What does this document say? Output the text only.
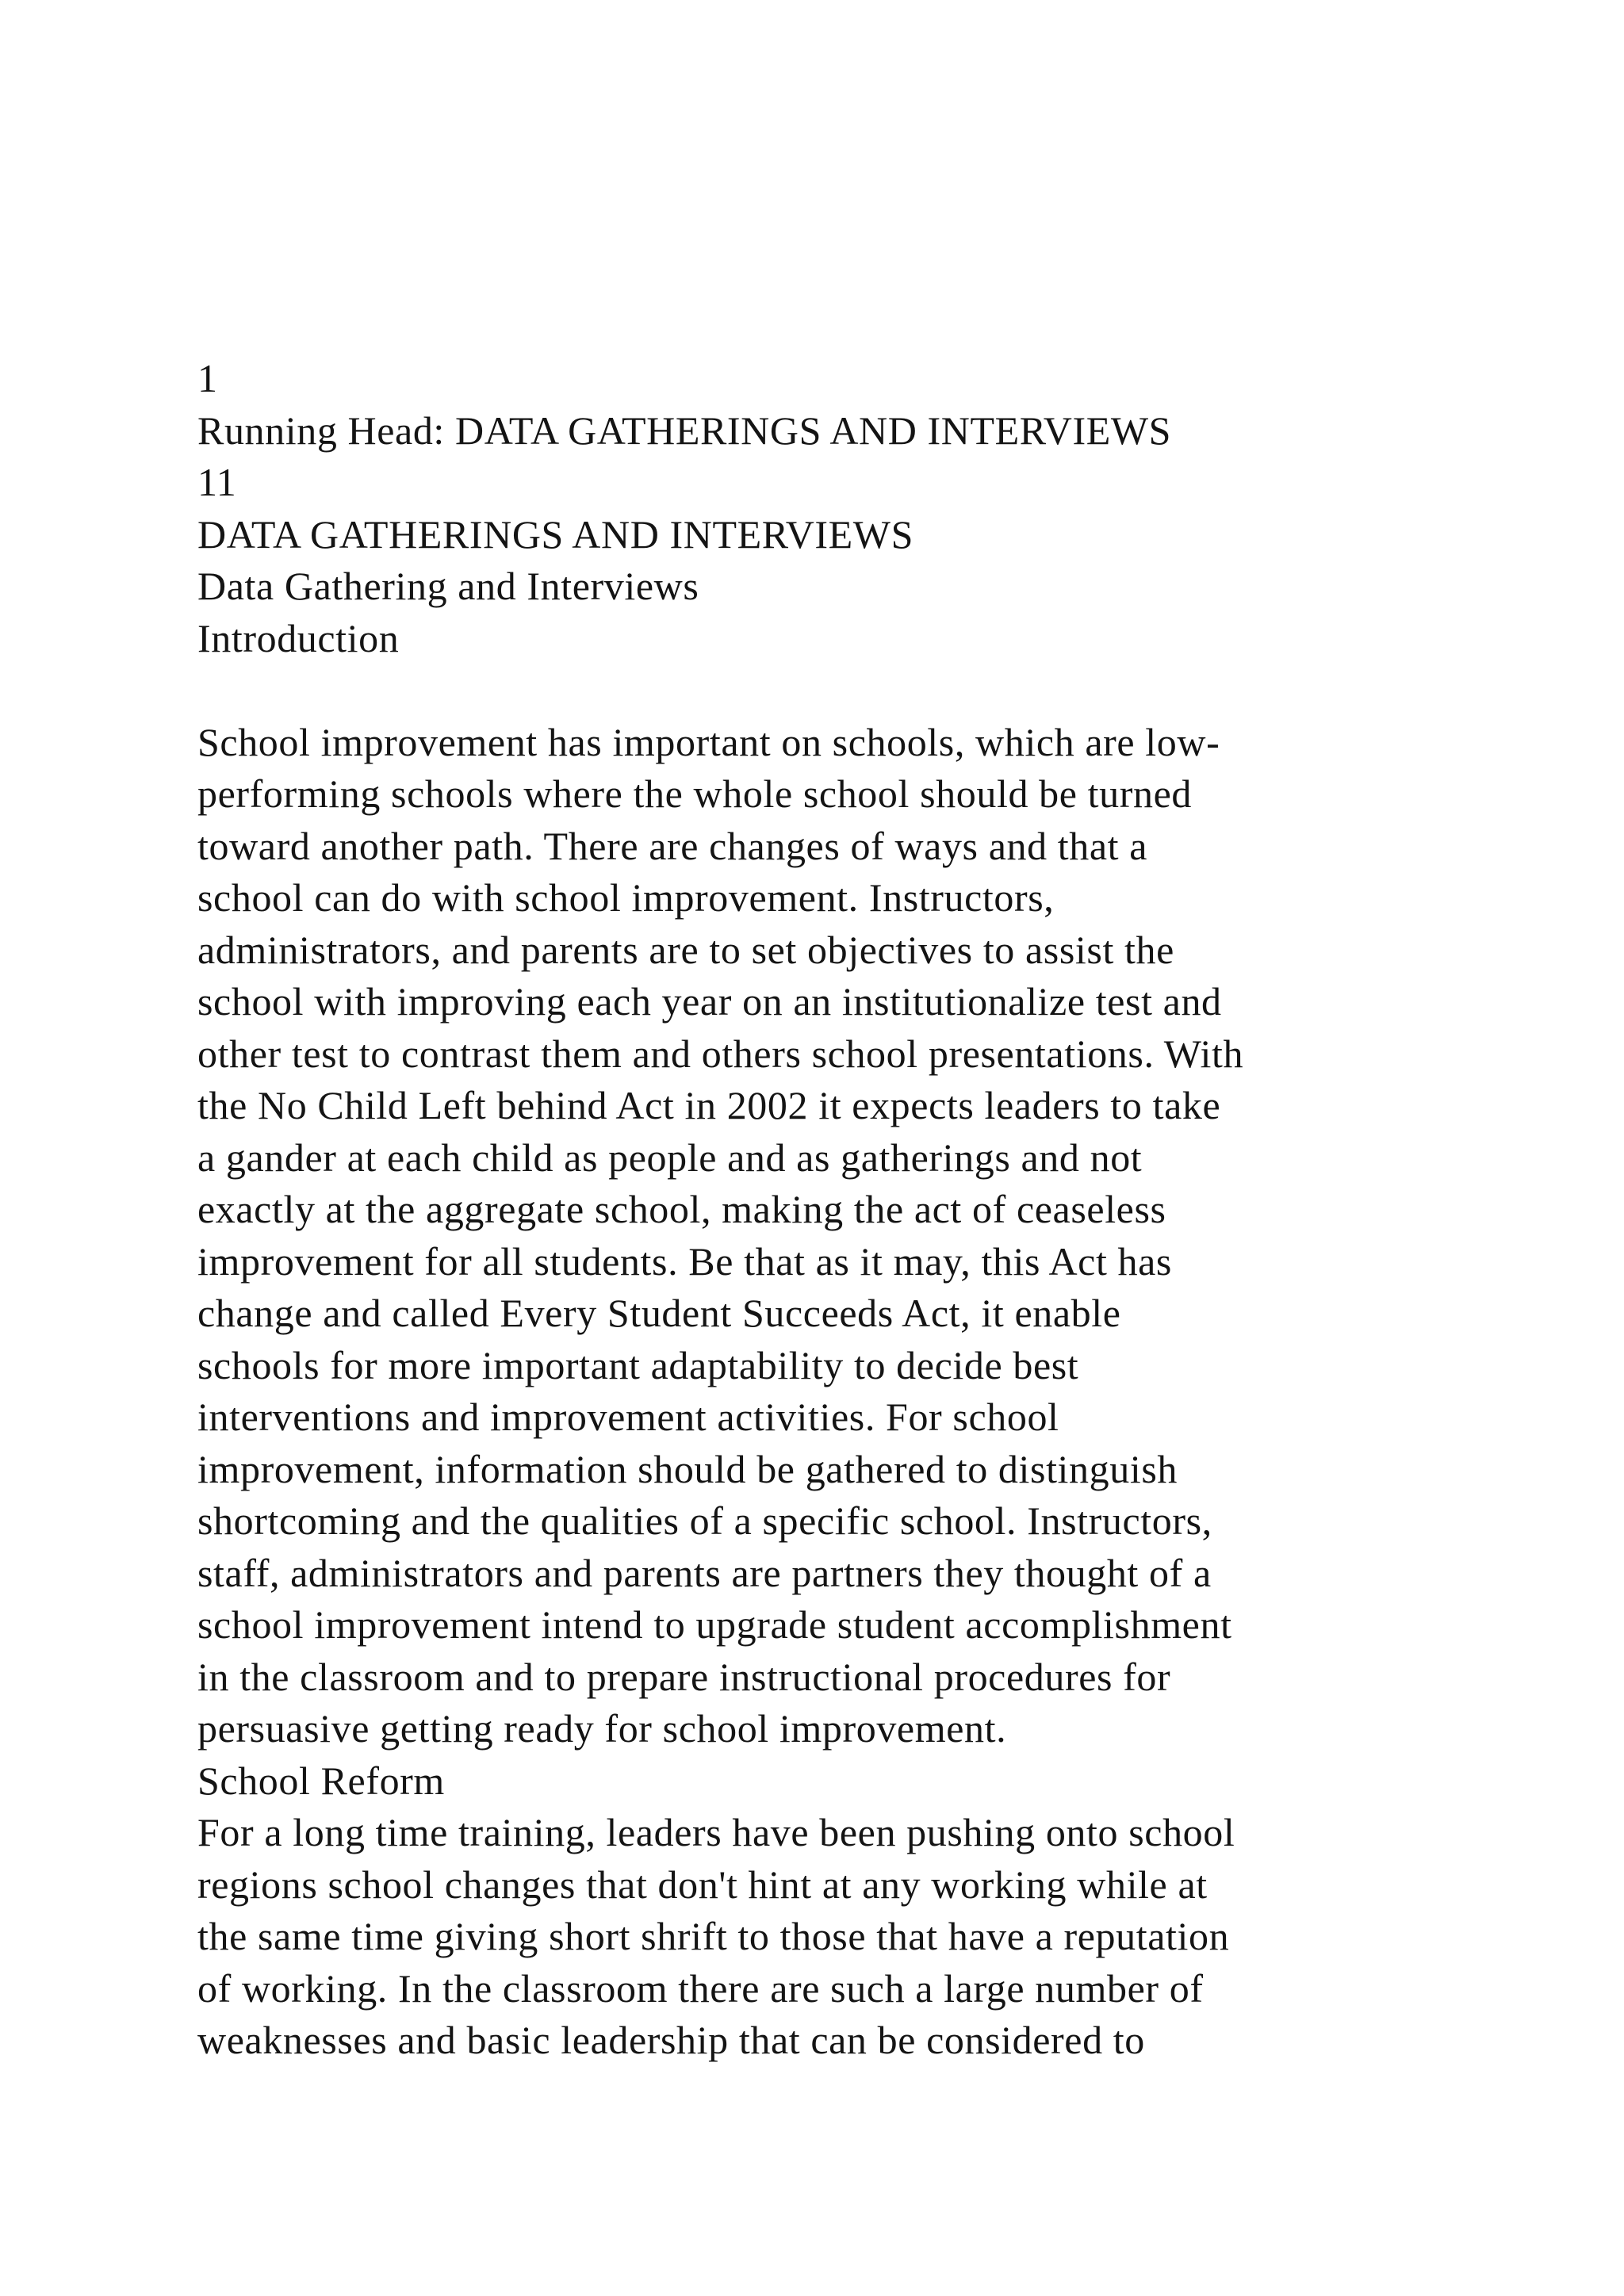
1
Running Head: DATA GATHERINGS AND INTERVIEWS
11
DATA GATHERINGS AND INTERVIEWS
Data Gathering and Interviews
Introduction
School improvement has important on schools, which are low-
performing schools where the whole school should be turned
toward another path. There are changes of ways and that a
school can do with school improvement. Instructors,
administrators, and parents are to set objectives to assist the
school with improving each year on an institutionalize test and
other test to contrast them and others school presentations. With
the No Child Left behind Act in 2002 it expects leaders to take
a gander at each child as people and as gatherings and not
exactly at the aggregate school, making the act of ceaseless
improvement for all students. Be that as it may, this Act has
change and called Every Student Succeeds Act, it enable
schools for more important adaptability to decide best
interventions and improvement activities. For school
improvement, information should be gathered to distinguish
shortcoming and the qualities of a specific school. Instructors,
staff, administrators and parents are partners they thought of a
school improvement intend to upgrade student accomplishment
in the classroom and to prepare instructional procedures for
persuasive getting ready for school improvement.
School Reform
For a long time training, leaders have been pushing onto school
regions school changes that don't hint at any working while at
the same time giving short shrift to those that have a reputation
of working. In the classroom there are such a large number of
weaknesses and basic leadership that can be considered to
